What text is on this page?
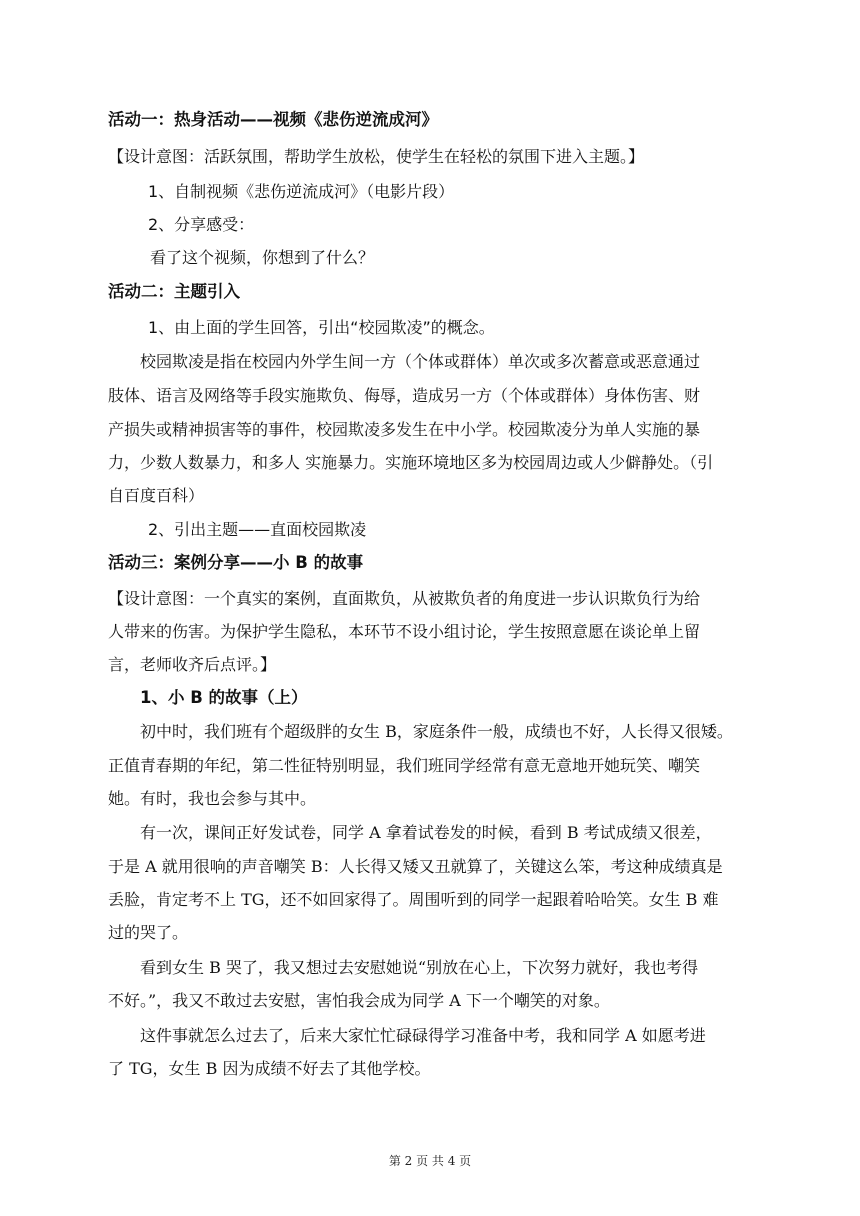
活动一：热身活动——视频《悲伤逆流成河》
【设计意图：活跃氛围，帮助学生放松，使学生在轻松的氛围下进入主题。】
1、自制视频《悲伤逆流成河》（电影片段）
2、分享感受：
看了这个视频，你想到了什么？
活动二：主题引入
1、由上面的学生回答，引出“校园欺凌”的概念。
校园欺凌是指在校园内外学生间一方（个体或群体）单次或多次蓄意或恶意通过
肢体、语言及网络等手段实施欺负、侮辱，造成另一方（个体或群体）身体伤害、财
产损失或精神损害等的事件，校园欺凌多发生在中小学。校园欺凌分为单人实施的暴
力，少数人数暴力，和多人 实施暴力。实施环境地区多为校园周边或人少僻静处。（引
自百度百科）
2、引出主题——直面校园欺凌
活动三：案例分享——小 B 的故事
【设计意图：一个真实的案例，直面欺负，从被欺负者的角度进一步认识欺负行为给
人带来的伤害。为保护学生隐私，本环节不设小组讨论，学生按照意愿在谈论单上留
言，老师收齐后点评。】
1、小 B 的故事（上）
初中时，我们班有个超级胖的女生 B，家庭条件一般，成绩也不好，人长得又很矮。
正值青春期的年纪，第二性征特别明显，我们班同学经常有意无意地开她玩笑、嘲笑
她。有时，我也会参与其中。
有一次，课间正好发试卷，同学 A 拿着试卷发的时候，看到 B 考试成绩又很差，
于是 A 就用很响的声音嘲笑 B：人长得又矮又丑就算了，关键这么笨，考这种成绩真是
丢脸，肯定考不上 TG，还不如回家得了。周围听到的同学一起跟着哈哈笑。女生 B 难
过的哭了。
看到女生 B 哭了，我又想过去安慰她说“别放在心上，下次努力就好，我也考得
不好。”，我又不敢过去安慰，害怕我会成为同学 A 下一个嘲笑的对象。
这件事就怎么过去了，后来大家忙忙碌碌得学习准备中考，我和同学 A 如愿考进
了 TG，女生 B 因为成绩不好去了其他学校。
第 2 页 共 4 页
